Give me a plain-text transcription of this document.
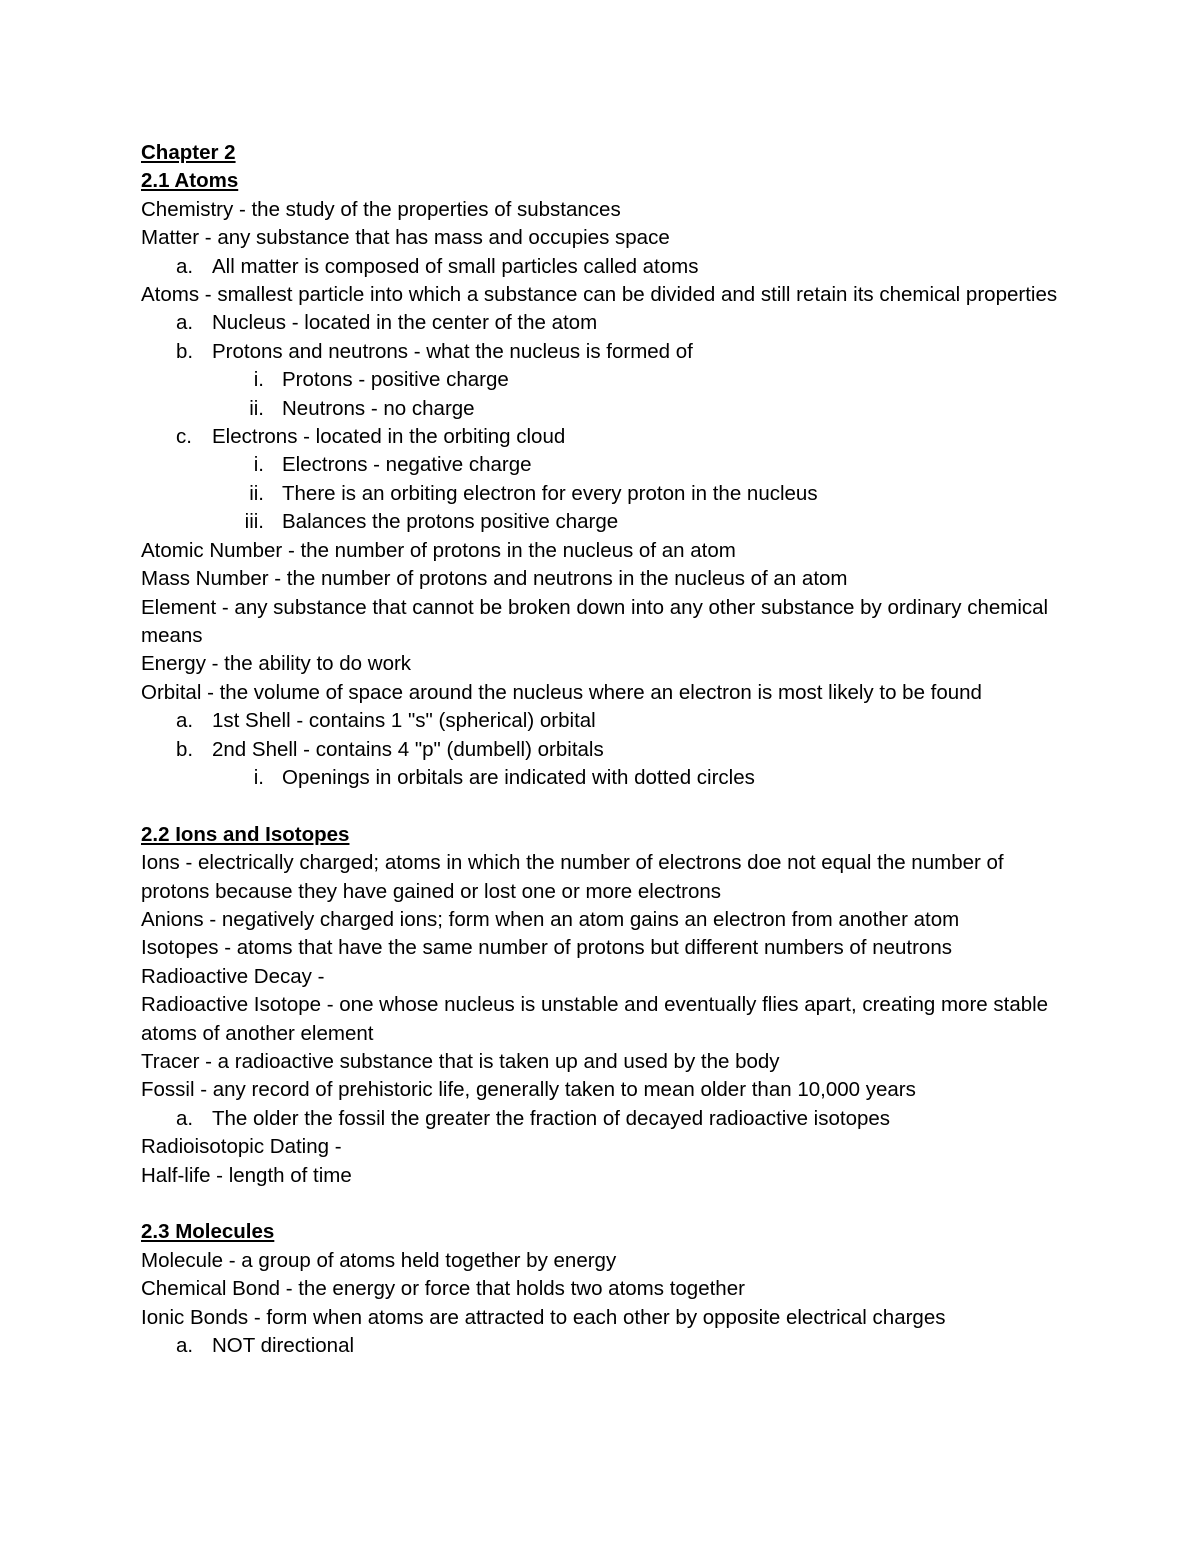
Chapter 2
2.1 Atoms
Chemistry - the study of the properties of substances
Matter - any substance that has mass and occupies space
a. All matter is composed of small particles called atoms
Atoms - smallest particle into which a substance can be divided and still retain its chemical properties
a. Nucleus - located in the center of the atom
b. Protons and neutrons - what the nucleus is formed of
i. Protons - positive charge
ii. Neutrons - no charge
c. Electrons - located in the orbiting cloud
i. Electrons - negative charge
ii. There is an orbiting electron for every proton in the nucleus
iii. Balances the protons positive charge
Atomic Number - the number of protons in the nucleus of an atom
Mass Number - the number of protons and neutrons in the nucleus of an atom
Element - any substance that cannot be broken down into any other substance by ordinary chemical means
Energy - the ability to do work
Orbital - the volume of space around the nucleus where an electron is most likely to be found
a. 1st Shell - contains 1 "s" (spherical) orbital
b. 2nd Shell - contains 4 "p" (dumbell) orbitals
i. Openings in orbitals are indicated with dotted circles
2.2 Ions and Isotopes
Ions - electrically charged; atoms in which the number of electrons doe not equal the number of protons because they have gained or lost one or more electrons
Anions - negatively charged ions; form when an atom gains an electron from another atom
Isotopes - atoms that have the same number of protons but different numbers of neutrons
Radioactive Decay -
Radioactive Isotope - one whose nucleus is unstable and eventually flies apart, creating more stable atoms of another element
Tracer - a radioactive substance that is taken up and used by the body
Fossil - any record of prehistoric life, generally taken to mean older than 10,000 years
a. The older the fossil the greater the fraction of decayed radioactive isotopes
Radioisotopic Dating -
Half-life - length of time
2.3 Molecules
Molecule - a group of atoms held together by energy
Chemical Bond - the energy or force that holds two atoms together
Ionic Bonds - form when atoms are attracted to each other by opposite electrical charges
a. NOT directional
